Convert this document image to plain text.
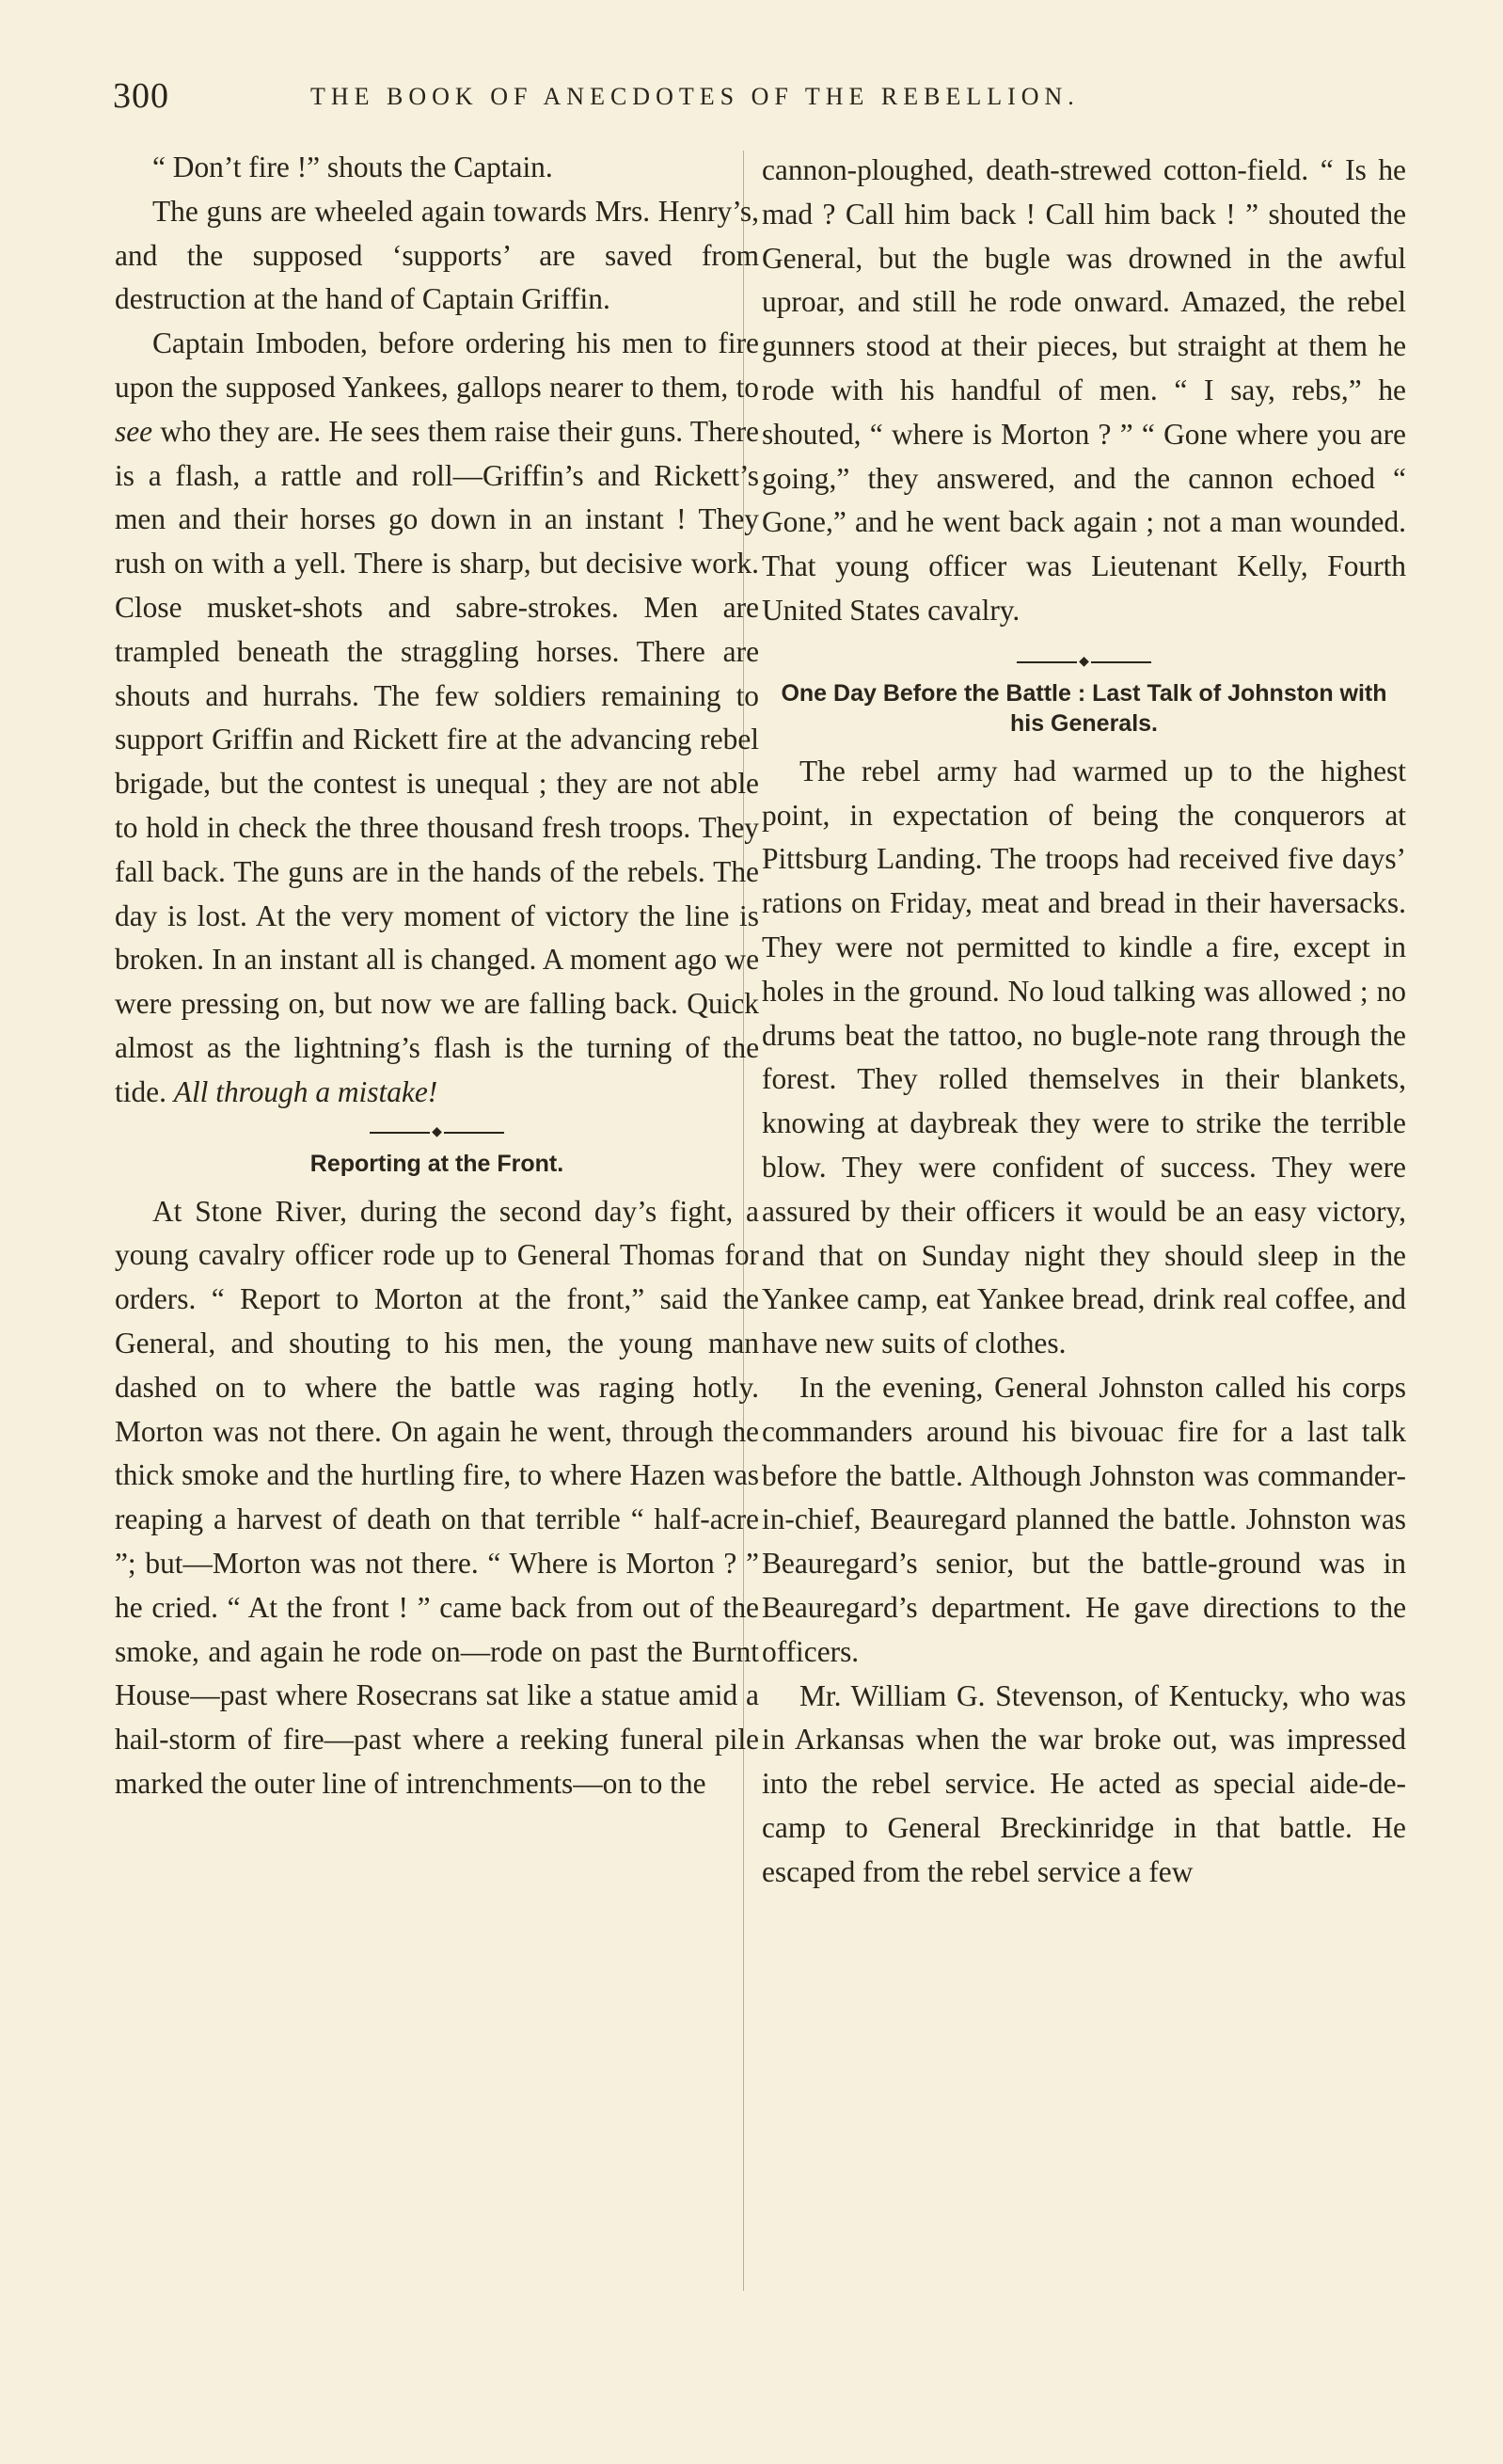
300	THE BOOK OF ANECDOTES OF THE REBELLION.

“ Don’t fire !” shouts the Captain.

The guns are wheeled again towards Mrs. Henry’s, and the supposed ‘supports’ are saved from destruction at the hand of Captain Griffin.

Captain Imboden, before ordering his men to fire upon the supposed Yankees, gallops nearer to them, to see who they are. He sees them raise their guns. There is a flash, a rattle and roll—Griffin’s and Rickett’s men and their horses go down in an instant ! They rush on with a yell. There is sharp, but decisive work. Close musket-shots and sabre-strokes. Men are trampled beneath the straggling horses. There are shouts and hurrahs. The few soldiers remaining to support Griffin and Rickett fire at the advancing rebel brigade, but the contest is unequal ; they are not able to hold in check the three thousand fresh troops. They fall back. The guns are in the hands of the rebels. The day is lost. At the very moment of victory the line is broken. In an instant all is changed. A moment ago we were pressing on, but now we are falling back. Quick almost as the lightning’s flash is the turning of the tide. All through a mistake!

◆
Reporting at the Front.

At Stone River, during the second day’s fight, a young cavalry officer rode up to General Thomas for orders. “ Report to Morton at the front,” said the General, and shouting to his men, the young man dashed on to where the battle was raging hotly. Morton was not there. On again he went, through the thick smoke and the hurtling fire, to where Hazen was reaping a harvest of death on that terrible “ half-acre ”; but—Morton was not there. “ Where is Morton ? ” he cried. “ At the front ! ” came back from out of the smoke, and again he rode on—rode on past the Burnt House—past where Rosecrans sat like a statue amid a hail-storm of fire—past where a reeking funeral pile marked the outer line of intrenchments—on to the

cannon-ploughed, death-strewed cotton-field. “ Is he mad ? Call him back ! Call him back ! ” shouted the General, but the bugle was drowned in the awful uproar, and still he rode onward. Amazed, the rebel gunners stood at their pieces, but straight at them he rode with his handful of men. “ I say, rebs,” he shouted, “ where is Morton ? ” “ Gone where you are going,” they answered, and the cannon echoed “ Gone,” and he went back again ; not a man wounded. That young officer was Lieutenant Kelly, Fourth United States cavalry.

◆
One Day Before the Battle : Last Talk of Johnston with his Generals.

The rebel army had warmed up to the highest point, in expectation of being the conquerors at Pittsburg Landing. The troops had received five days’ rations on Friday, meat and bread in their haversacks. They were not permitted to kindle a fire, except in holes in the ground. No loud talking was allowed ; no drums beat the tattoo, no bugle-note rang through the forest. They rolled themselves in their blankets, knowing at daybreak they were to strike the terrible blow. They were confident of success. They were assured by their officers it would be an easy victory, and that on Sunday night they should sleep in the Yankee camp, eat Yankee bread, drink real coffee, and have new suits of clothes.

In the evening, General Johnston called his corps commanders around his bivouac fire for a last talk before the battle. Although Johnston was commander-in-chief, Beauregard planned the battle. Johnston was Beauregard’s senior, but the battle-ground was in Beauregard’s department. He gave directions to the officers.

Mr. William G. Stevenson, of Kentucky, who was in Arkansas when the war broke out, was impressed into the rebel service. He acted as special aide-de-camp to General Breckinridge in that battle. He escaped from the rebel service a few
